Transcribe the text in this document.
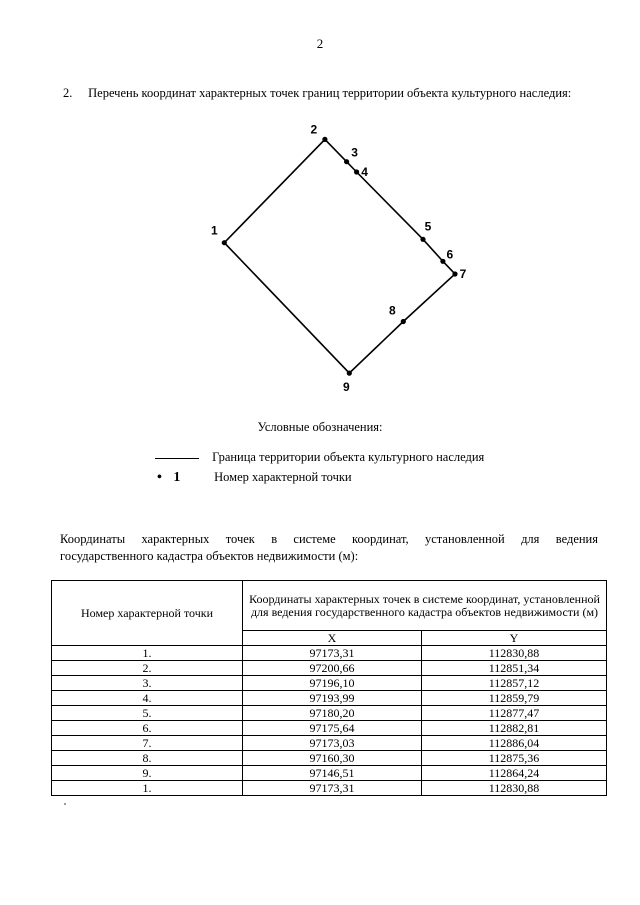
2
2. Перечень координат характерных точек границ территории объекта культурного наследия:
1
2
3
4
5
6
7
8
9
Условные обозначения:
Граница территории объекта культурного наследия
• 1 Номер характерной точки
Координаты характерных точек в системе координат, установленной для ведения
государственного кадастра объектов недвижимости (м):
Номер характерной точки	Координаты характерных точек в системе координат, установленной для ведения государственного кадастра объектов недвижимости (м)	
	X	Y
1.	97173,31	112830,88
2.	97200,66	112851,34
3.	97196,10	112857,12
4.	97193,99	112859,79
5.	97180,20	112877,47
6.	97175,64	112882,81
7.	97173,03	112886,04
8.	97160,30	112875,36
9.	97146,51	112864,24
1.	97173,31	112830,88
